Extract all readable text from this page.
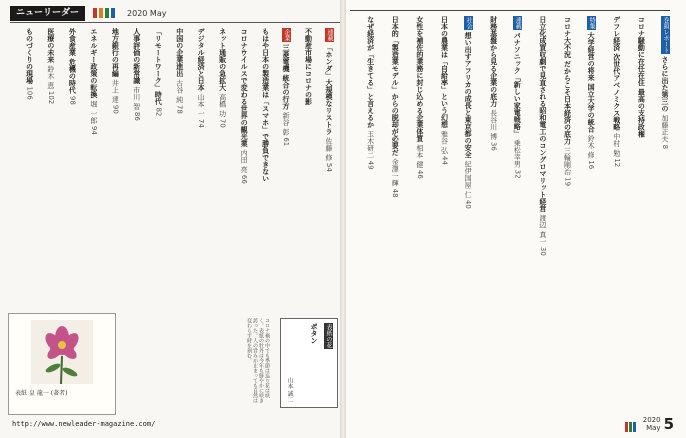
ニューリーダー	2020 May
巻頭レポートさらに出た第三の 加藤正夫 8
コロナ騒動に在任在住 最高の支持政権
デフレ経済 次世代アベノミクス戦略 中村 勉 12
特集大学経営の将来 国立大学の統合 鈴木 修 16
コロナ大不況 だからこそ日本経済の底力 三輪剛治 19
日立化成買収劇で見直される昭和電工のコングロマリット経営 渡辺 真一 30
連載パナソニック「新しい家電戦略」 乗松幸男 32
財務基盤から見る企業の底力 長谷川 博 36
社会想い出すアフリカの成長と東京都の安全 紀伊国屋 仁 40
日本の農業は「自給率」という幻想 雅谷 弘 44
女性を補佐的業務に封じ込める企業体質 相本 健 46
日本的「製造業モデル」からの脱却が必要だ 金澤一輝 48
なぜ経済が「生きてる」と言えるか 玉木研二 49
連載「ホンダ」大規模なリストラ 佐藤 修 54
不動産市場にコロナの影
企業三菱電機 統合の行方 新谷 彰 61
もはや日本の製造業は「スマホ」で勝負できない
コロナウイルスで変わる世界の観光業 内田 亮 66
ネット通販の急拡大 高橋 功 70
デジタル経済と日本 山本 一 74
中国の企業進出 古谷 純 78
「リモートワーク」時代 82
人事評価の新常識 市川 智 86
地方銀行の再編 井上 達 90
エネルギー政策の転換 堀 一郎 94
外食産業 危機の時代 98
医療の未来 鈴木 恵 102
ものづくりの現場 106
表紙 皇 龍一 (著者)	コロナ禍の中でも季節は巡り花は咲く。表紙の牡丹は今年も鮮やかに咲き誇った。人の営みが止まっても自然は変わらず時を刻む。	表紙の花
ボタン
山本 誠二
http://www.newleader-magazine.com/	2020
May 5
